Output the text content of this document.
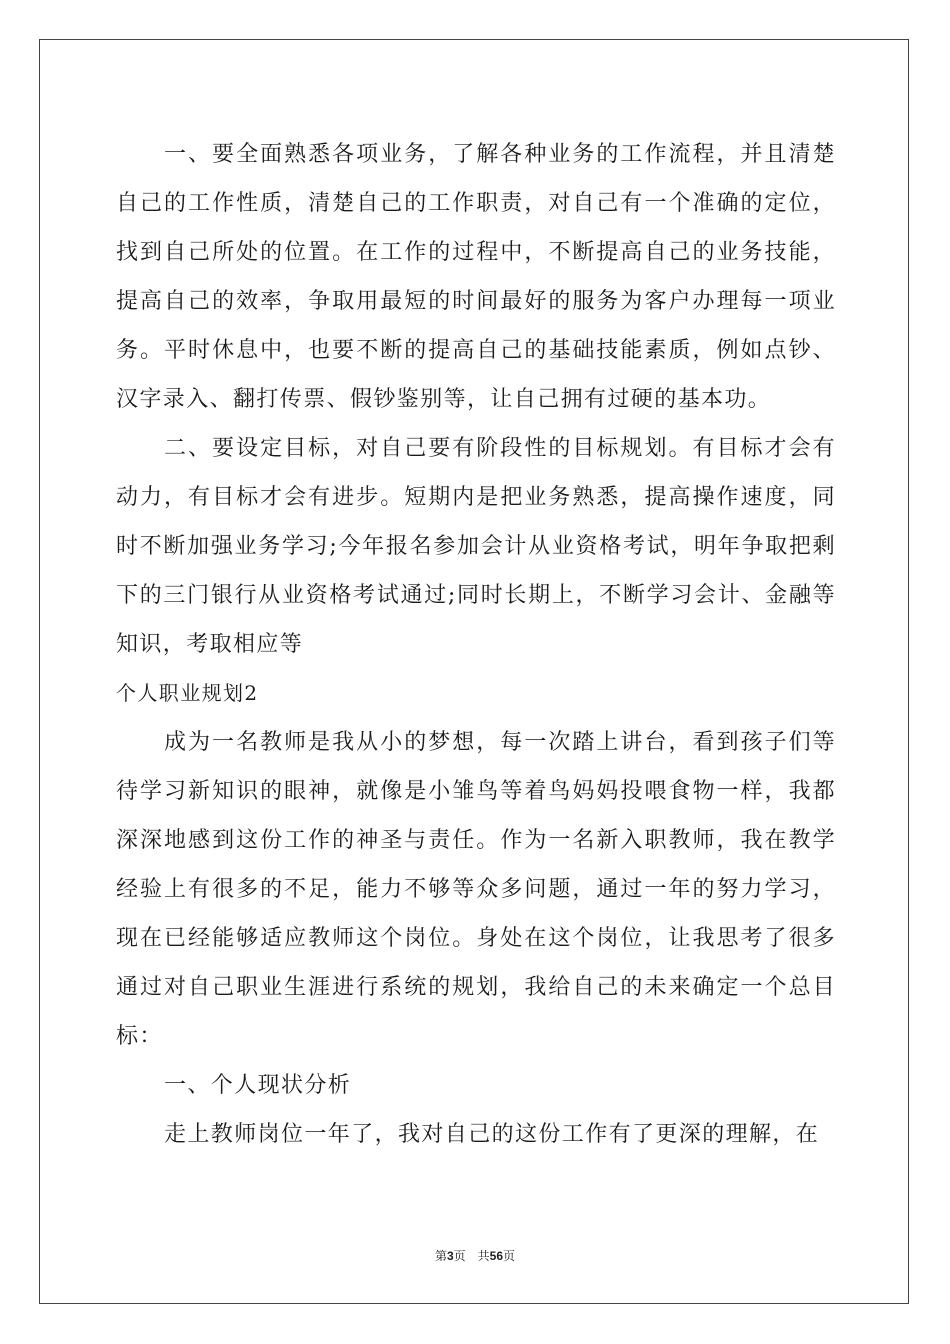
一、要全面熟悉各项业务，了解各种业务的工作流程，并且清楚自己的工作性质，清楚自己的工作职责，对自己有一个准确的定位，找到自己所处的位置。在工作的过程中，不断提高自己的业务技能，提高自己的效率，争取用最短的时间最好的服务为客户办理每一项业务。平时休息中，也要不断的提高自己的基础技能素质，例如点钞、汉字录入、翻打传票、假钞鉴别等，让自己拥有过硬的基本功。

二、要设定目标，对自己要有阶段性的目标规划。有目标才会有动力，有目标才会有进步。短期内是把业务熟悉，提高操作速度，同时不断加强业务学习;今年报名参加会计从业资格考试，明年争取把剩下的三门银行从业资格考试通过;同时长期上，不断学习会计、金融等知识，考取相应等

个人职业规划2

成为一名教师是我从小的梦想，每一次踏上讲台，看到孩子们等待学习新知识的眼神，就像是小雏鸟等着鸟妈妈投喂食物一样，我都深深地感到这份工作的神圣与责任。作为一名新入职教师，我在教学经验上有很多的不足，能力不够等众多问题，通过一年的努力学习，现在已经能够适应教师这个岗位。身处在这个岗位，让我思考了很多通过对自己职业生涯进行系统的规划，我给自己的未来确定一个总目标：

一、个人现状分析

走上教师岗位一年了，我对自己的这份工作有了更深的理解，在

第3页 共56页
